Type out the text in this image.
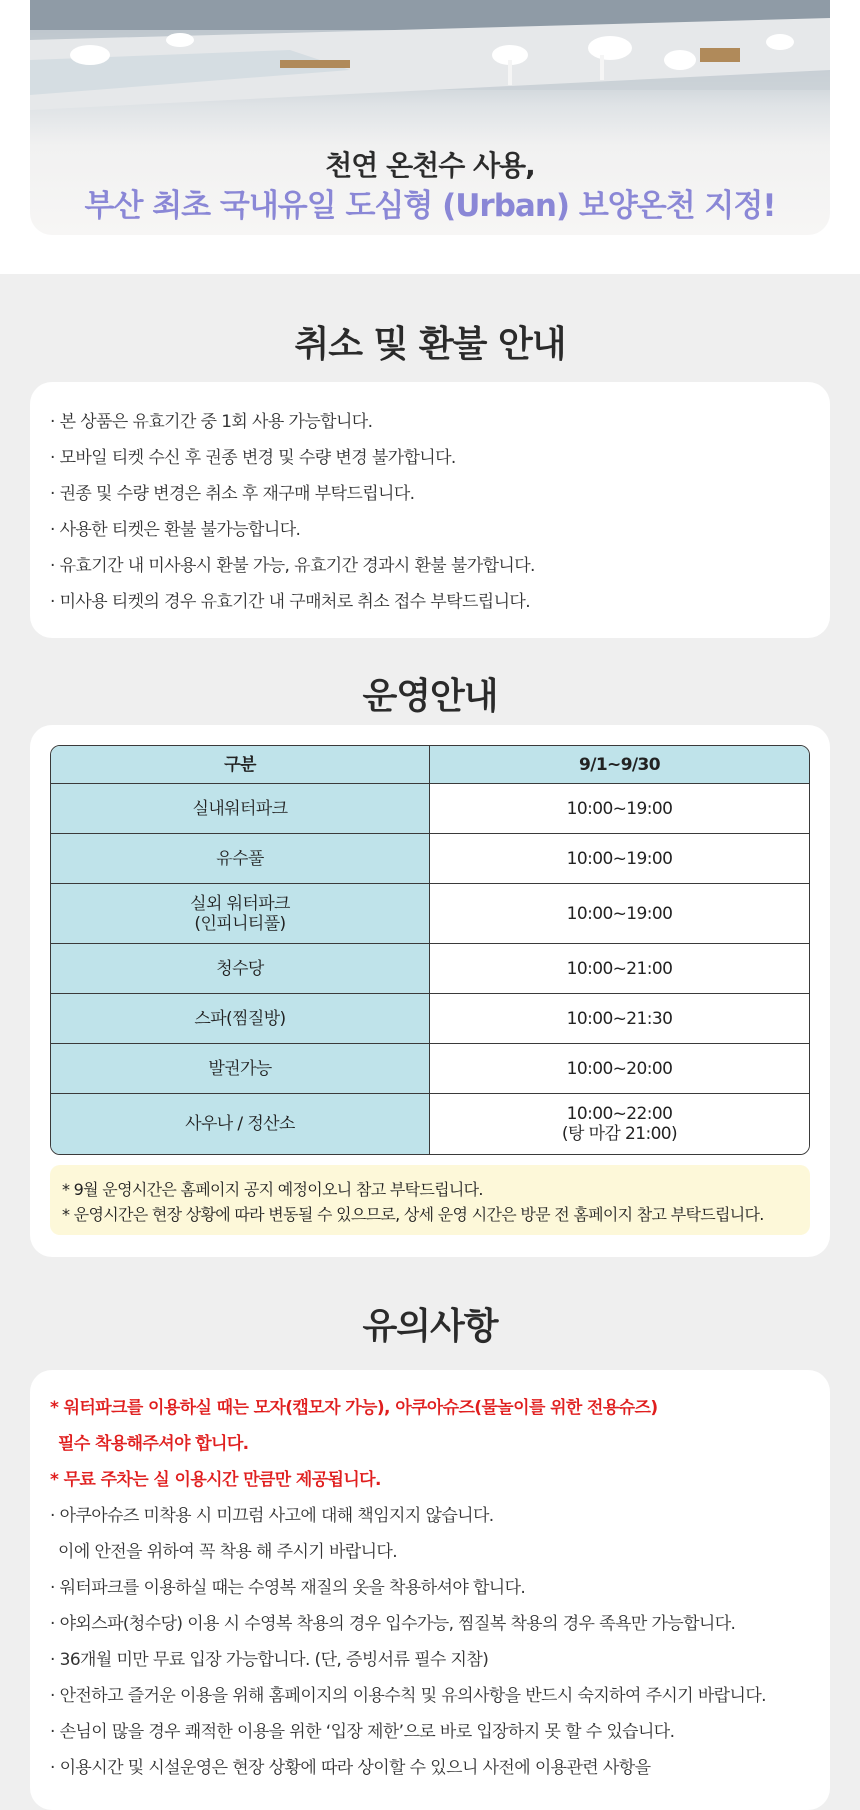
천연 온천수 사용,
부산 최초 국내유일 도심형 (Urban) 보양온천 지정!
취소 및 환불 안내
· 본 상품은 유효기간 중 1회 사용 가능합니다.
· 모바일 티켓 수신 후 권종 변경 및 수량 변경 불가합니다.
· 권종 및 수량 변경은 취소 후 재구매 부탁드립니다.
· 사용한 티켓은 환불 불가능합니다.
· 유효기간 내 미사용시 환불 가능, 유효기간 경과시 환불 불가합니다.
· 미사용 티켓의 경우 유효기간 내 구매처로 취소 접수 부탁드립니다.
운영안내
구분	9/1~9/30
실내워터파크	10:00~19:00
유수풀	10:00~19:00

실외 워터파크
(인피니티풀)	10:00~19:00
청수당	10:00~21:00
스파(찜질방)	10:00~21:30
발권가능	10:00~20:00
사우나 / 정산소	10:00~22:00
(탕 마감 21:00)
* 9월 운영시간은 홈페이지 공지 예정이오니 참고 부탁드립니다.
* 운영시간은 현장 상황에 따라 변동될 수 있으므로, 상세 운영 시간은 방문 전 홈페이지 참고 부탁드립니다.
유의사항
* 워터파크를 이용하실 때는 모자(캡모자 가능), 아쿠아슈즈(물놀이를 위한 전용슈즈)
필수 착용해주셔야 합니다.
* 무료 주차는 실 이용시간 만큼만 제공됩니다.
· 아쿠아슈즈 미착용 시 미끄럼 사고에 대해 책임지지 않습니다.
이에 안전을 위하여 꼭 착용 해 주시기 바랍니다.
· 워터파크를 이용하실 때는 수영복 재질의 옷을 착용하셔야 합니다.
· 야외스파(청수당) 이용 시 수영복 착용의 경우 입수가능, 찜질복 착용의 경우 족욕만 가능합니다.
· 36개월 미만 무료 입장 가능합니다. (단, 증빙서류 필수 지참)
· 안전하고 즐거운 이용을 위해 홈페이지의 이용수칙 및 유의사항을 반드시 숙지하여 주시기 바랍니다.
· 손님이 많을 경우 쾌적한 이용을 위한 ‘입장 제한’으로 바로 입장하지 못 할 수 있습니다.
· 이용시간 및 시설운영은 현장 상황에 따라 상이할 수 있으니 사전에 이용관련 사항을
